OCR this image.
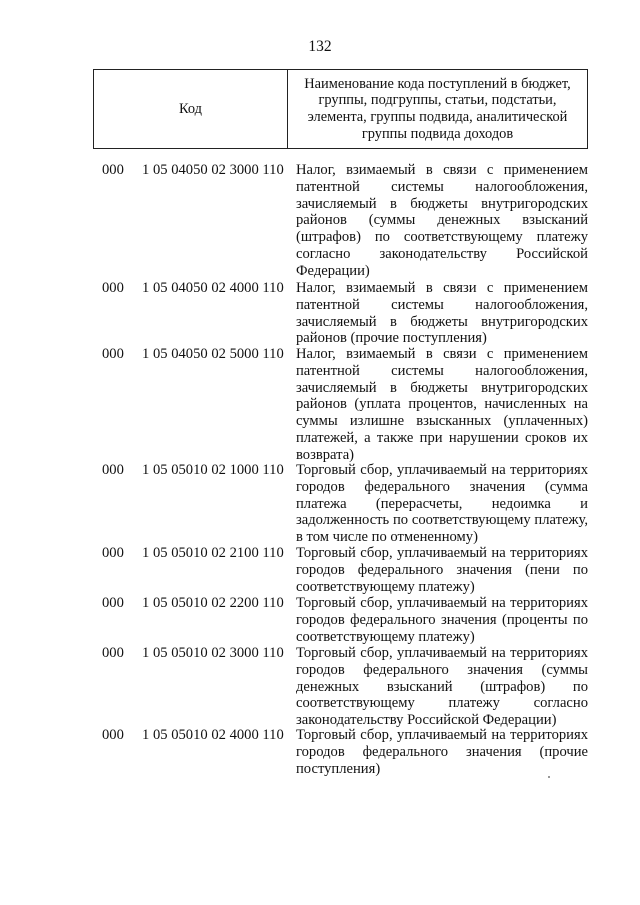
132
Код	Наименование кода поступлений в бюджет, группы, подгруппы, статьи, подстатьи, элемента, группы подвида, аналитической группы подвида доходов
000	1 05 04050 02 3000 110 Налог, взимаемый в связи с применением патентной системы налогообложения, зачисляемый в бюджеты внутригородских районов (суммы денежных взысканий (штрафов) по соответствующему платежу согласно законодательству Российской Федерации)
000	1 05 04050 02 4000 110 Налог, взимаемый в связи с применением патентной системы налогообложения, зачисляемый в бюджеты внутригородских районов (прочие поступления)
000	1 05 04050 02 5000 110 Налог, взимаемый в связи с применением патентной системы налогообложения, зачисляемый в бюджеты внутригородских районов (уплата процентов, начисленных на суммы излишне взысканных (уплаченных) платежей, а также при нарушении сроков их возврата)
000	1 05 05010 02 1000 110 Торговый сбор, уплачиваемый на территориях городов федерального значения (сумма платежа (перерасчеты, недоимка и задолженность по соответствующему платежу, в том числе по отмененному)
000	1 05 05010 02 2100 110 Торговый сбор, уплачиваемый на территориях городов федерального значения (пени по соответствующему платежу)
000	1 05 05010 02 2200 110 Торговый сбор, уплачиваемый на территориях городов федерального значения (проценты по соответствующему платежу)
000	1 05 05010 02 3000 110 Торговый сбор, уплачиваемый на территориях городов федерального значения (суммы денежных взысканий (штрафов) по соответствующему платежу согласно законодательству Российской Федерации)
000	1 05 05010 02 4000 110 Торговый сбор, уплачиваемый на территориях городов федерального значения (прочие поступления)
